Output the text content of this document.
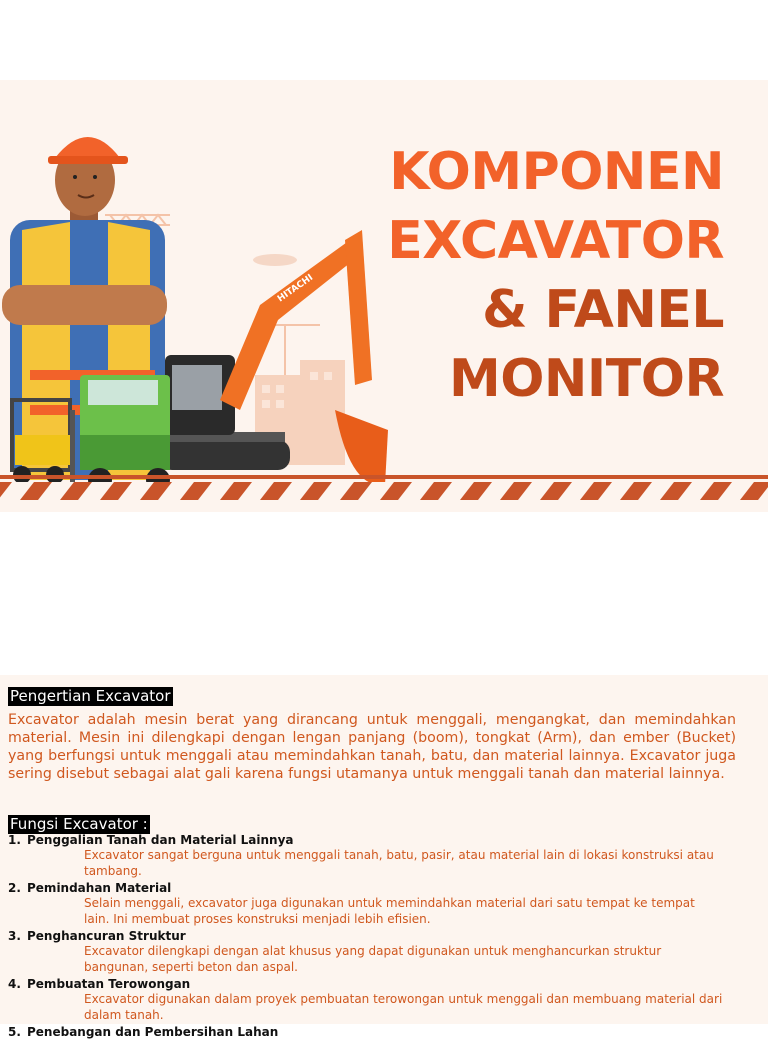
HITACHI
KOMPONEN
EXCAVATOR
& FANEL
MONITOR
Pengertian Excavator

Excavator adalah mesin berat yang dirancang untuk menggali, mengangkat, dan memindahkan material. Mesin ini dilengkapi dengan lengan panjang (boom), tongkat (Arm), dan ember (Bucket) yang berfungsi untuk menggali atau memindahkan tanah, batu, dan material lainnya. Excavator juga sering disebut sebagai alat gali karena fungsi utamanya untuk menggali tanah dan material lainnya.

Fungsi Excavator :
1. Penggalian Tanah dan Material Lainnya
Excavator sangat berguna untuk menggali tanah, batu, pasir, atau material lain di lokasi konstruksi atau tambang.
2. Pemindahan Material
Selain menggali, excavator juga digunakan untuk memindahkan material dari satu tempat ke tempat lain. Ini membuat proses konstruksi menjadi lebih efisien.
3. Penghancuran Struktur
Excavator dilengkapi dengan alat khusus yang dapat digunakan untuk menghancurkan struktur bangunan, seperti beton dan aspal.
4. Pembuatan Terowongan
Excavator digunakan dalam proyek pembuatan terowongan untuk menggali dan membuang material dari dalam tanah.
5. Penebangan dan Pembersihan Lahan
